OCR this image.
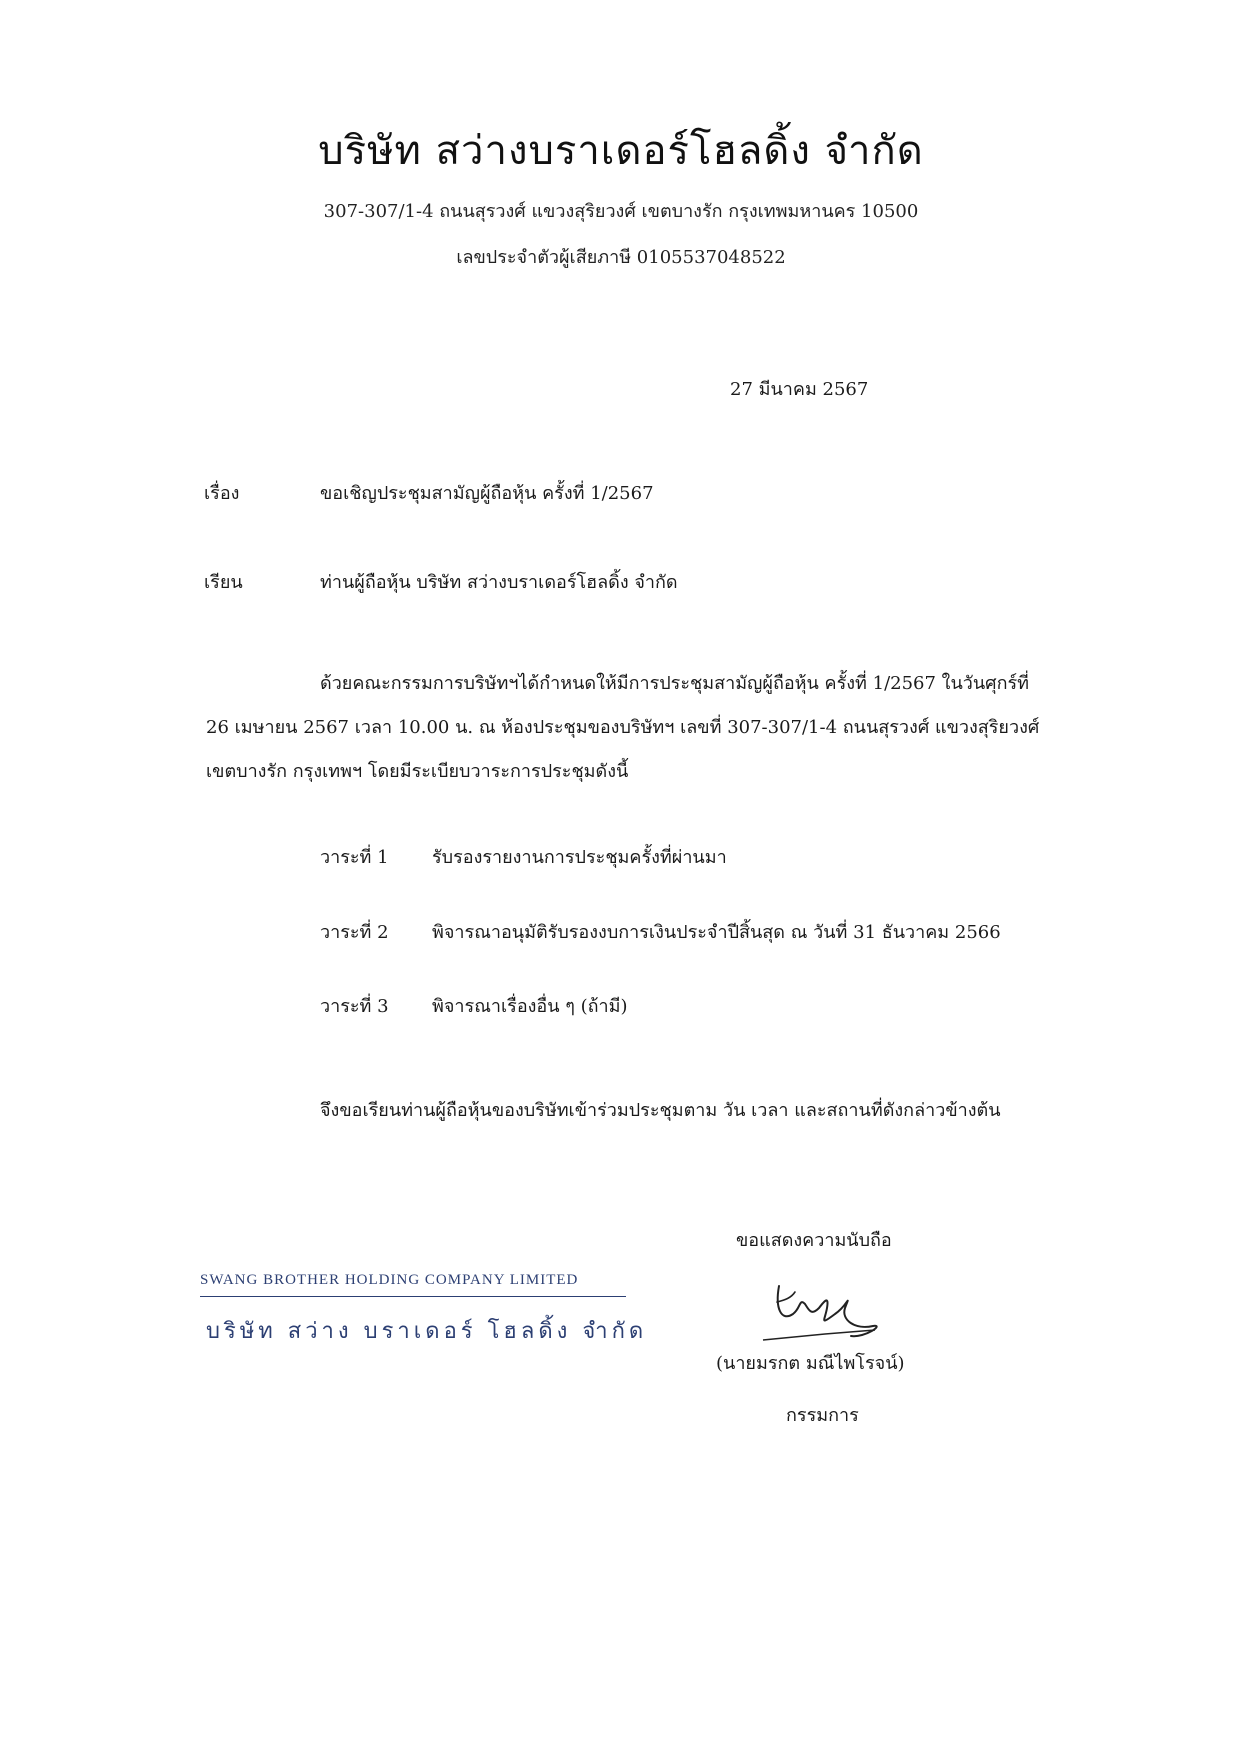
บริษัท สว่างบราเดอร์โฮลดิ้ง จำกัด
307-307/1-4 ถนนสุรวงศ์ แขวงสุริยวงศ์ เขตบางรัก กรุงเทพมหานคร 10500
เลขประจำตัวผู้เสียภาษี 0105537048522
27 มีนาคม 2567
เรื่อง	ขอเชิญประชุมสามัญผู้ถือหุ้น ครั้งที่ 1/2567
เรียน	ท่านผู้ถือหุ้น บริษัท สว่างบราเดอร์โฮลดิ้ง จำกัด
ด้วยคณะกรรมการบริษัทฯได้กำหนดให้มีการประชุมสามัญผู้ถือหุ้น ครั้งที่ 1/2567 ในวันศุกร์ที่
26 เมษายน 2567 เวลา 10.00 น. ณ ห้องประชุมของบริษัทฯ เลขที่ 307-307/1-4 ถนนสุรวงศ์ แขวงสุริยวงศ์
เขตบางรัก กรุงเทพฯ โดยมีระเบียบวาระการประชุมดังนี้
วาระที่ 1 รับรองรายงานการประชุมครั้งที่ผ่านมา
วาระที่ 2 พิจารณาอนุมัติรับรองงบการเงินประจำปีสิ้นสุด ณ วันที่ 31 ธันวาคม 2566
วาระที่ 3 พิจารณาเรื่องอื่น ๆ (ถ้ามี)
จึงขอเรียนท่านผู้ถือหุ้นของบริษัทเข้าร่วมประชุมตาม วัน เวลา และสถานที่ดังกล่าวข้างต้น
ขอแสดงความนับถือ
SWANG BROTHER HOLDING COMPANY LIMITED
บริษัท สว่าง บราเดอร์ โฮลดิ้ง จำกัด
(นายมรกต มณีไพโรจน์)
กรรมการ
